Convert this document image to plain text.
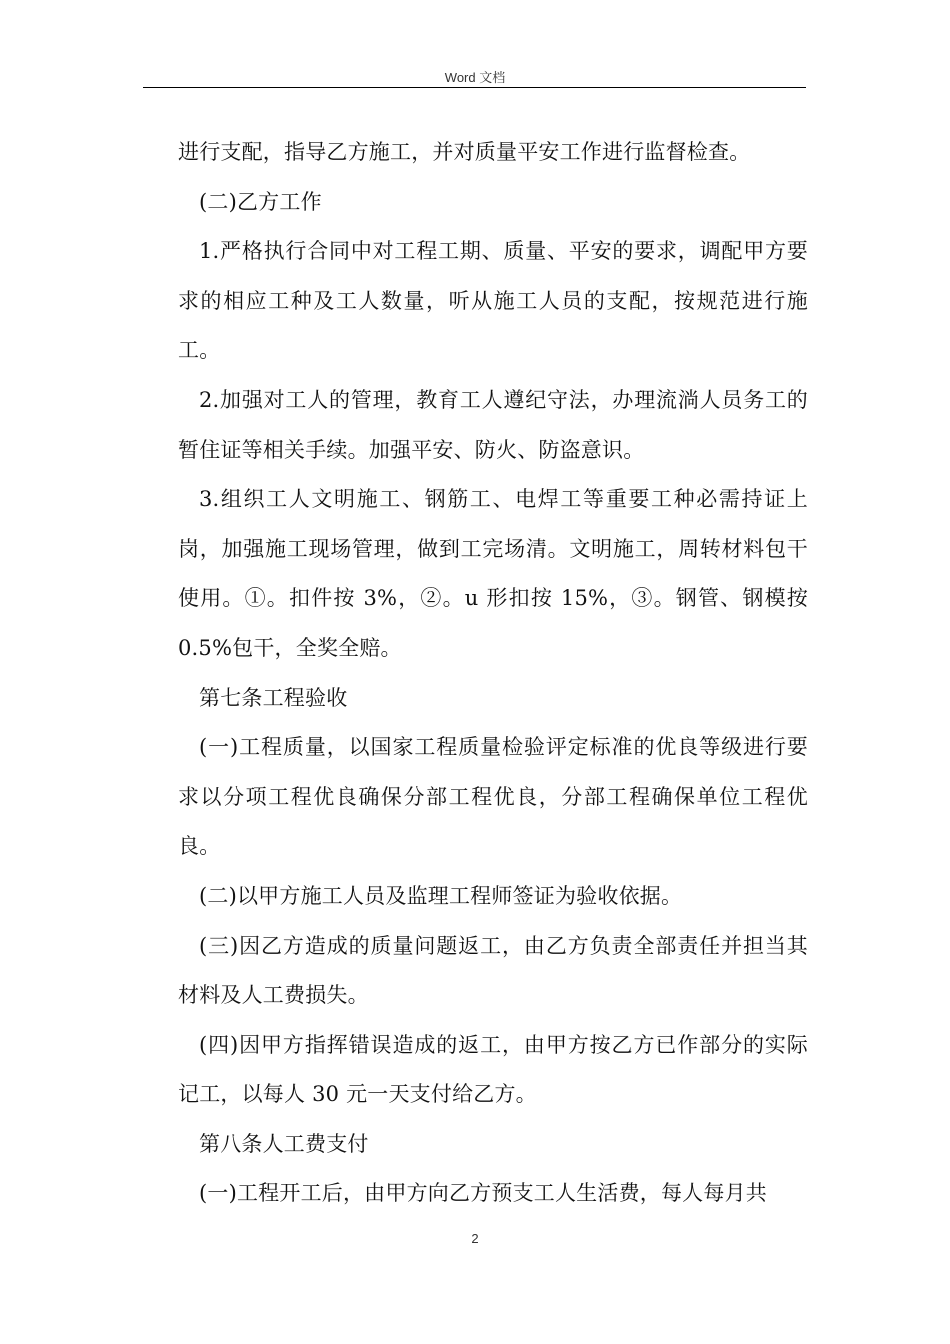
Word 文档

进行支配，指导乙方施工，并对质量平安工作进行监督检查。

(二)乙方工作

1.严格执行合同中对工程工期、质量、平安的要求，调配甲方要求的相应工种及工人数量，听从施工人员的支配，按规范进行施工。

2.加强对工人的管理，教育工人遵纪守法，办理流淌人员务工的暂住证等相关手续。加强平安、防火、防盗意识。

3.组织工人文明施工、钢筋工、电焊工等重要工种必需持证上岗，加强施工现场管理，做到工完场清。文明施工，周转材料包干使用。①。扣件按 3%，②。u 形扣按 15%，③。钢管、钢模按 0.5%包干，全奖全赔。

第七条工程验收

(一)工程质量，以国家工程质量检验评定标准的优良等级进行要求以分项工程优良确保分部工程优良，分部工程确保单位工程优良。

(二)以甲方施工人员及监理工程师签证为验收依据。

(三)因乙方造成的质量问题返工，由乙方负责全部责任并担当其材料及人工费损失。

(四)因甲方指挥错误造成的返工，由甲方按乙方已作部分的实际记工，以每人 30 元一天支付给乙方。

第八条人工费支付

(一)工程开工后，由甲方向乙方预支工人生活费，每人每月共

2
